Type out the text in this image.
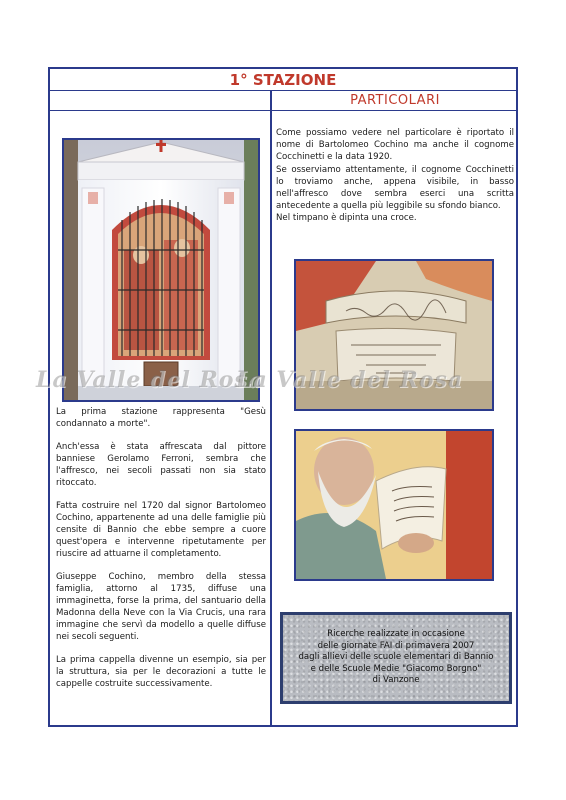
1° STAZIONE
PARTICOLARI
La Valle del Rosa
La Valle del Rosa

La prima stazione rappresenta "Gesù condannato a morte".

Anch'essa è stata affrescata dal pittore banniese Gerolamo Ferroni, sembra che l'affresco, nei secoli passati non sia stato ritoccato.

Fatta costruire nel 1720 dal signor Bartolomeo Cochino, appartenente ad una delle famiglie più censite di Bannio che ebbe sempre a cuore quest'opera e intervenne ripetutamente per riuscire ad attuarne il completamento.

Giuseppe Cochino, membro della stessa famiglia, attorno al 1735, diffuse una immaginetta, forse la prima, del santuario della Madonna della Neve con la Via Crucis, una rara immagine che servì da modello a quelle diffuse nei secoli seguenti.

La prima cappella divenne un esempio, sia per la struttura, sia per le decorazioni a tutte le cappelle costruite successivamente.

Come possiamo vedere nel particolare è riportato il nome di Bartolomeo Cochino ma anche il cognome Cocchinetti e la data 1920.

Se osserviamo attentamente, il cognome Cocchinetti lo troviamo anche, appena visibile, in basso nell'affresco dove sembra eserci una scritta antecedente a quella più leggibile su sfondo bianco.

Nel timpano è dipinta una croce.

Ricerche realizzate in occasione
delle giornate FAI di primavera 2007
dagli allievi delle scuole elementari di Bannio
e delle Scuole Medie "Giacomo Borgno"
di Vanzone
